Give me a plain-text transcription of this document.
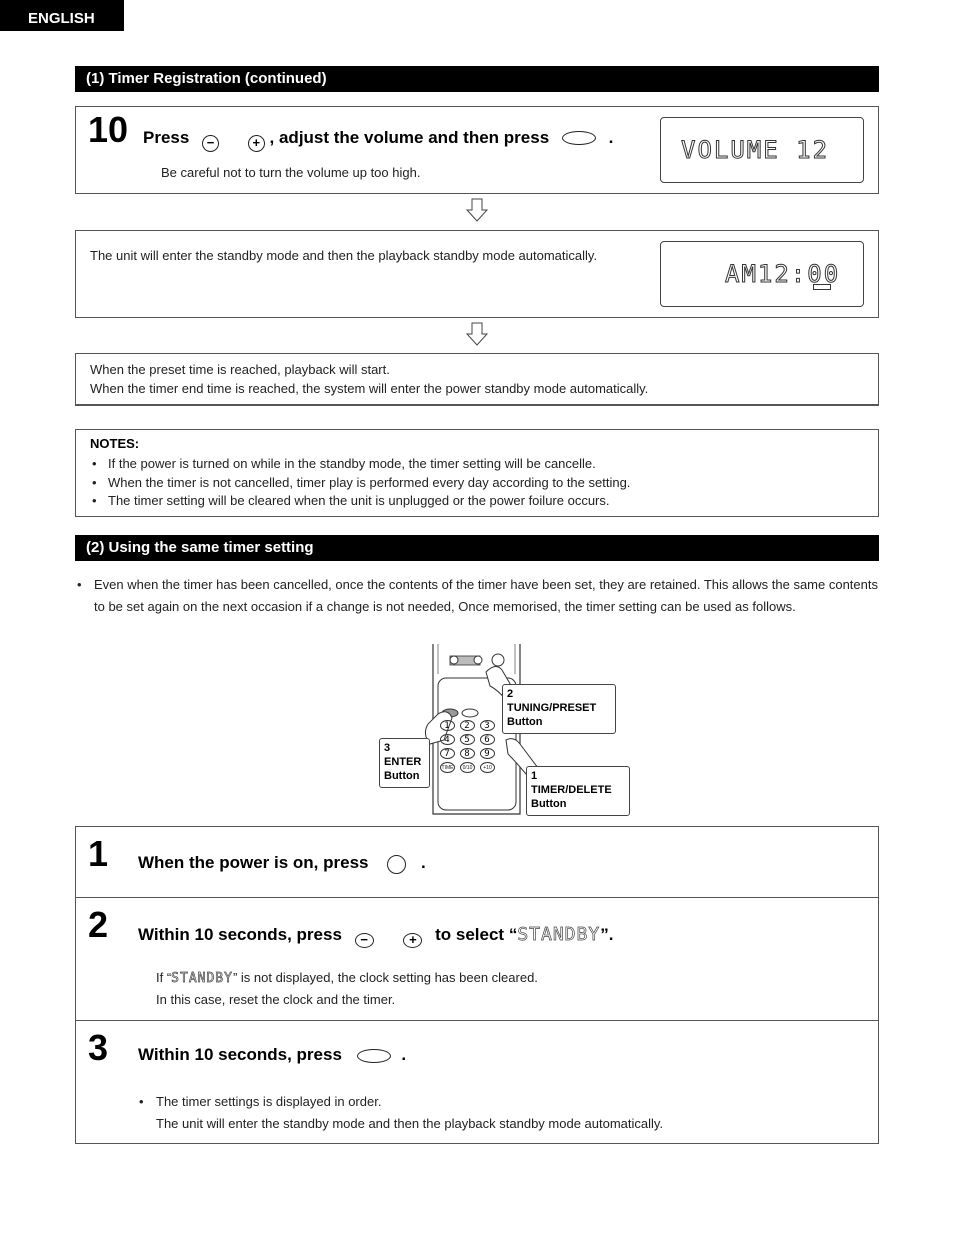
ENGLISH
(1) Timer Registration (continued)
10 Press −	+ , adjust the volume and then press	.
Be careful not to turn the volume up too high.
VOLUME 12
The unit will enter the standby mode and then the playback standby mode automatically.
AM12:00
When the preset time is reached, playback will start.
When the timer end time is reached, the system will enter the power standby mode automatically.
NOTES:
• If the power is turned on while in the standby mode, the timer setting will be cancelle.
• When the timer is not cancelled, timer play is performed every day according to the setting.
• The timer setting will be cleared when the unit is unplugged or the power foilure occurs.
(2) Using the same timer setting
• Even when the timer has been cancelled, once the contents of the timer have been set, they are retained. This allows the same contents to be set again on the next occasion if a change is not needed, Once memorised, the timer setting can be used as follows.
1	2	3
4	5	6
7	8	9
TIME	0/10	+10
2
TUNING/PRESET
Button
3
ENTER
Button	1
TIMER/DELETE
Button
1 When the power is on, press	.
2 Within 10 seconds, press −	+ to select “STANDBY”.
If “STANDBY” is not displayed, the clock setting has been cleared.
In this case, reset the clock and the timer.
3 Within 10 seconds, press	.
• The timer settings is displayed in order.
The unit will enter the standby mode and then the playback standby mode automatically.
